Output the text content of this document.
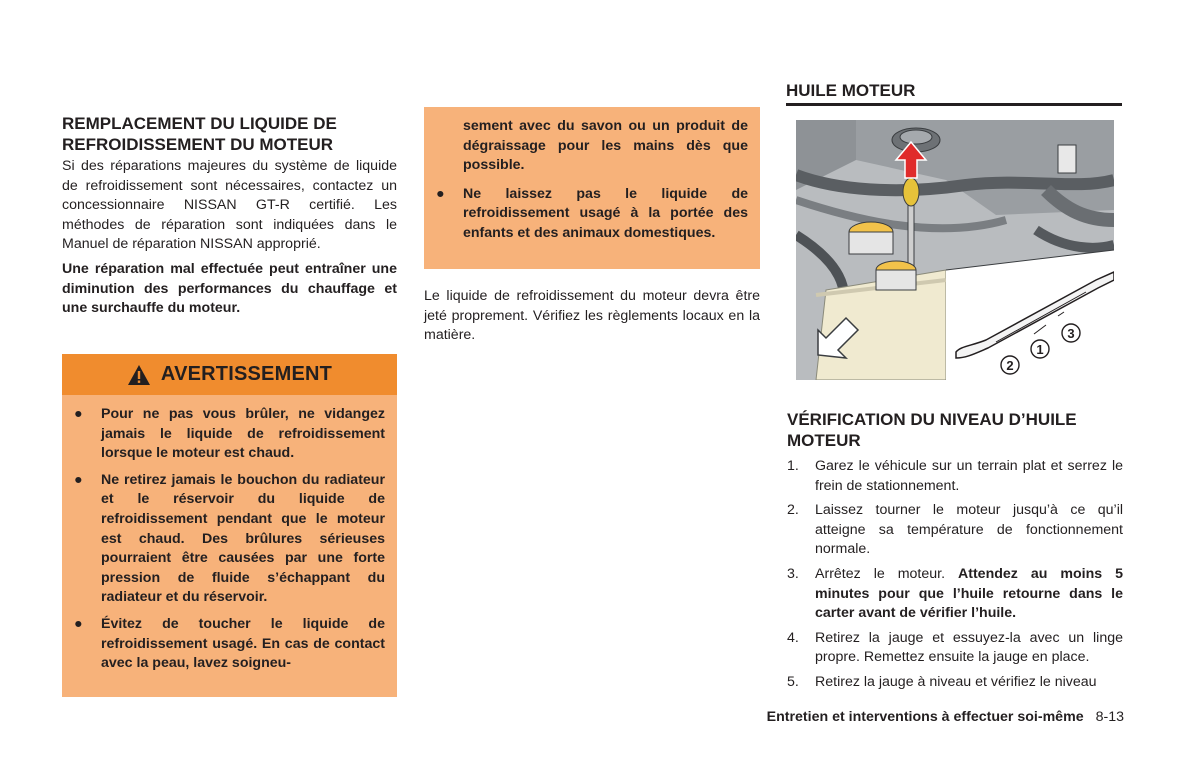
REMPLACEMENT DU LIQUIDE DE REFROIDISSEMENT DU MOTEUR

Si des réparations majeures du système de liquide de refroidissement sont nécessaires, contactez un concessionnaire NISSAN GT-R certifié. Les méthodes de réparation sont indiquées dans le Manuel de réparation NISSAN approprié.

Une réparation mal effectuée peut entraîner une diminution des performances du chauffage et une surchauffe du moteur.

AVERTISSEMENT
● Pour ne pas vous brûler, ne vidangez jamais le liquide de refroidissement lorsque le moteur est chaud.
● Ne retirez jamais le bouchon du radiateur et le réservoir du liquide de refroidissement pendant que le moteur est chaud. Des brûlures sérieuses pourraient être causées par une forte pression de fluide s’échappant du radiateur et du réservoir.
● Évitez de toucher le liquide de refroidissement usagé. En cas de contact avec la peau, lavez soigneu-
sement avec du savon ou un produit de dégraissage pour les mains dès que possible.
● Ne laissez pas le liquide de refroidissement usagé à la portée des enfants et des animaux domestiques.

Le liquide de refroidissement du moteur devra être jeté proprement. Vérifiez les règlements locaux en la matière.

HUILE MOTEUR
2
1
3
VÉRIFICATION DU NIVEAU D’HUILE MOTEUR
1. Garez le véhicule sur un terrain plat et serrez le frein de stationnement.
2. Laissez tourner le moteur jusqu’à ce qu’il atteigne sa température de fonctionnement normale.
3. Arrêtez le moteur. Attendez au moins 5 minutes pour que l’huile retourne dans le carter avant de vérifier l’huile.
4. Retirez la jauge et essuyez-la avec un linge propre. Remettez ensuite la jauge en place.
5. Retirez la jauge à niveau et vérifiez le niveau
Entretien et interventions à effectuer soi-même 8-13
